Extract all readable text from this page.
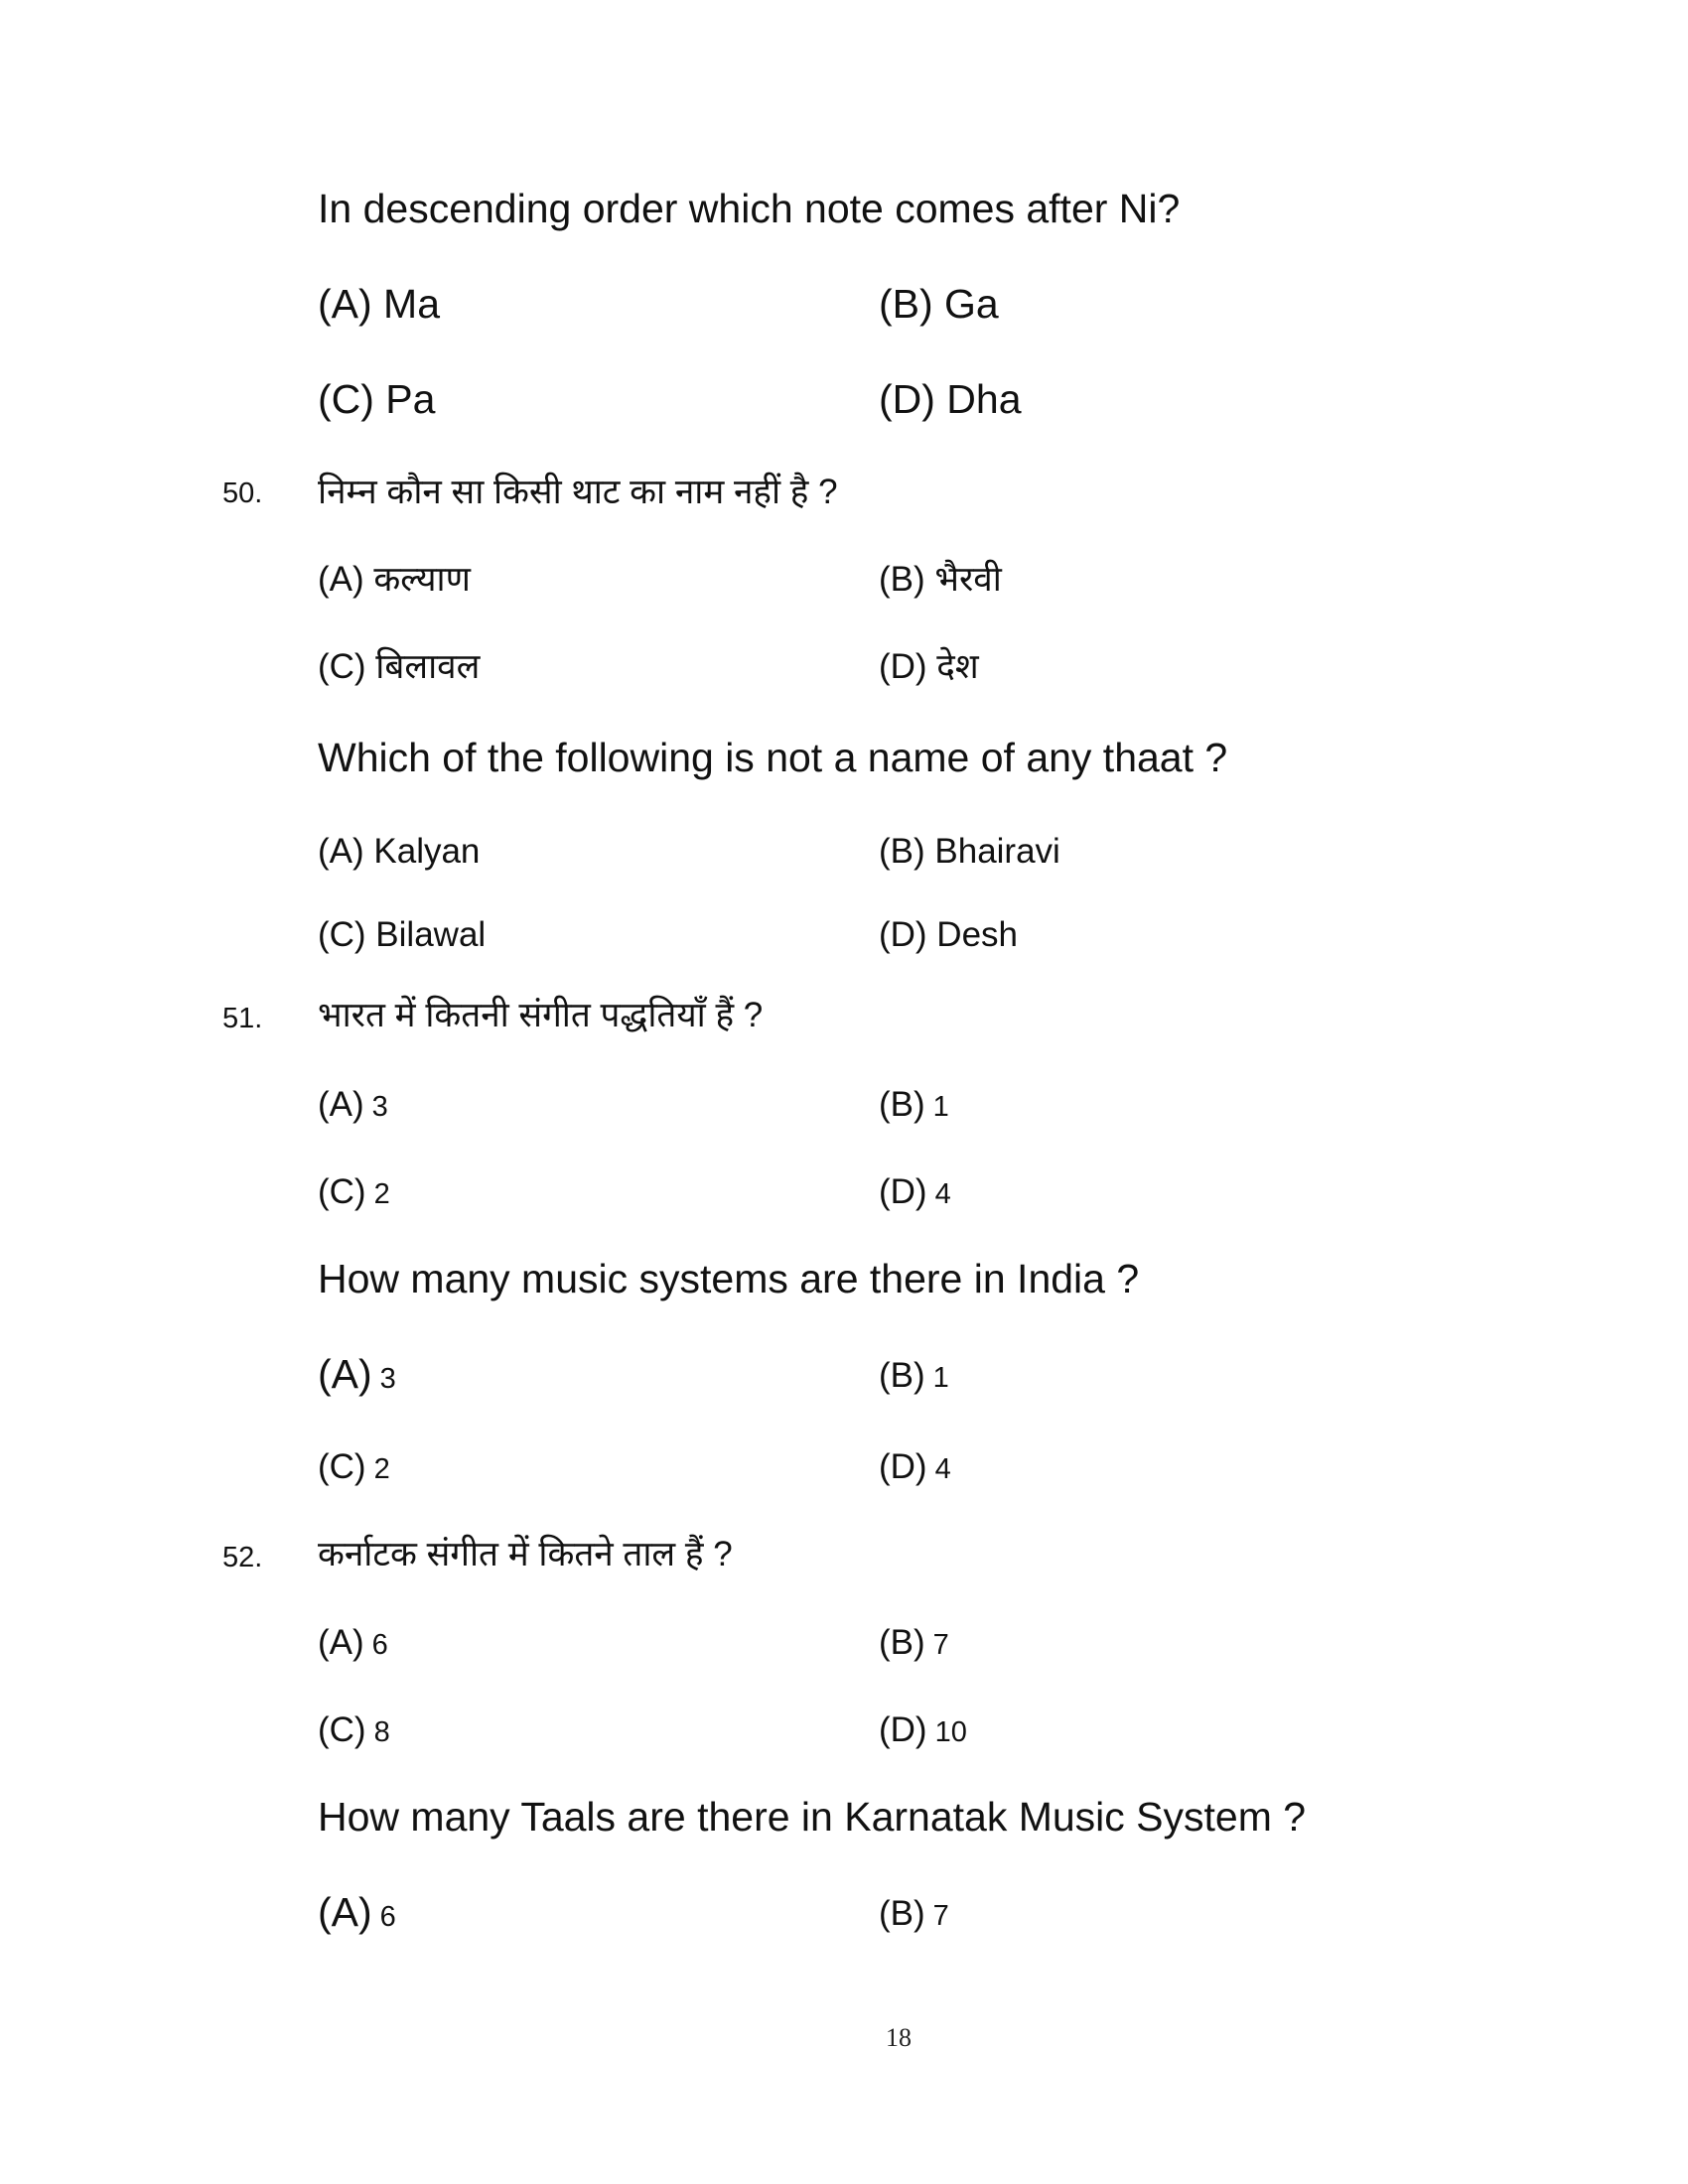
In descending order which note comes after Ni?
(A) Ma	(B) Ga
(C) Pa	(D) Dha
50. निम्न कौन सा किसी थाट का नाम नहीं है ?
(A) कल्याण	(B) भैरवी
(C) बिलावल	(D) देश
Which of the following is not a name of any thaat ?
(A) Kalyan	(B) Bhairavi
(C) Bilawal	(D) Desh
51. भारत में कितनी संगीत पद्धतियाँ हैं ?
(A) 3	(B) 1
(C) 2	(D) 4
How many music systems are there in India ?
(A) 3	(B) 1
(C) 2	(D) 4
52. कर्नाटक संगीत में कितने ताल हैं ?
(A) 6	(B) 7
(C) 8	(D) 10
How many Taals are there in Karnatak Music System ?
(A) 6	(B) 7
18
